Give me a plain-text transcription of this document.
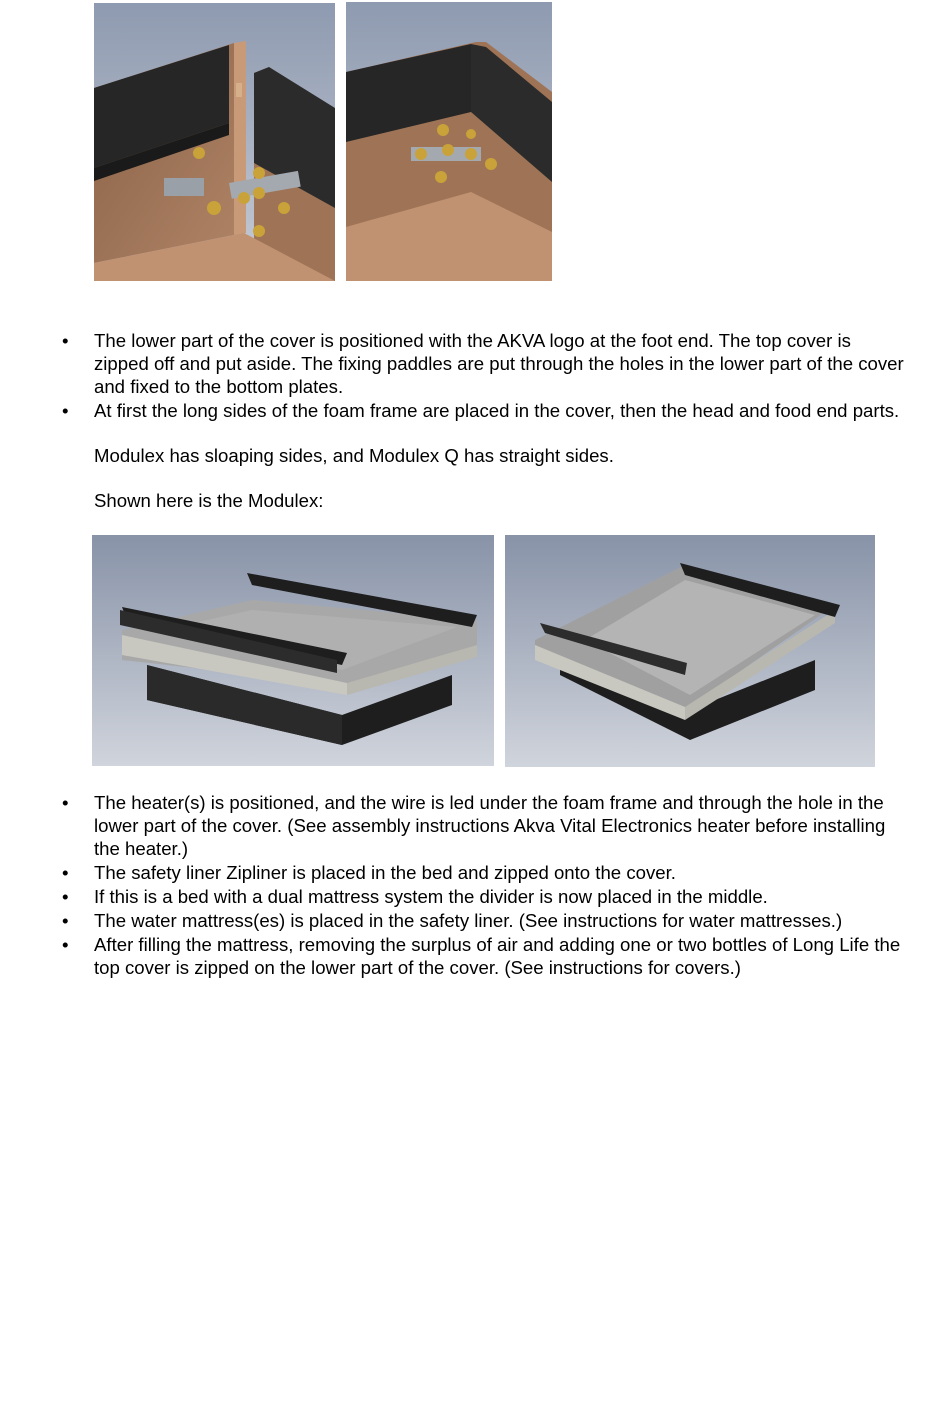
• The lower part of the cover is positioned with the AKVA logo at the foot end. The top cover is zipped off and put aside. The fixing paddles are put through the holes in the lower part of the cover and fixed to the bottom plates.
• At first the long sides of the foam frame are placed in the cover, then the head and food end parts.
Modulex has sloaping sides, and Modulex Q has straight sides.
Shown here is the Modulex:
• The heater(s) is positioned, and the wire is led under the foam frame and through the hole in the lower part of the cover. (See assembly instructions Akva Vital Electronics heater before installing the heater.)
• The safety liner Zipliner is placed in the bed and zipped onto the cover.
• If this is a bed with a dual mattress system the divider is now placed in the middle.
• The water mattress(es) is placed in the safety liner. (See instructions for water mattresses.)
• After filling the mattress, removing the surplus of air and adding one or two bottles of Long Life the top cover is zipped on the lower part of the cover. (See instructions for covers.)
